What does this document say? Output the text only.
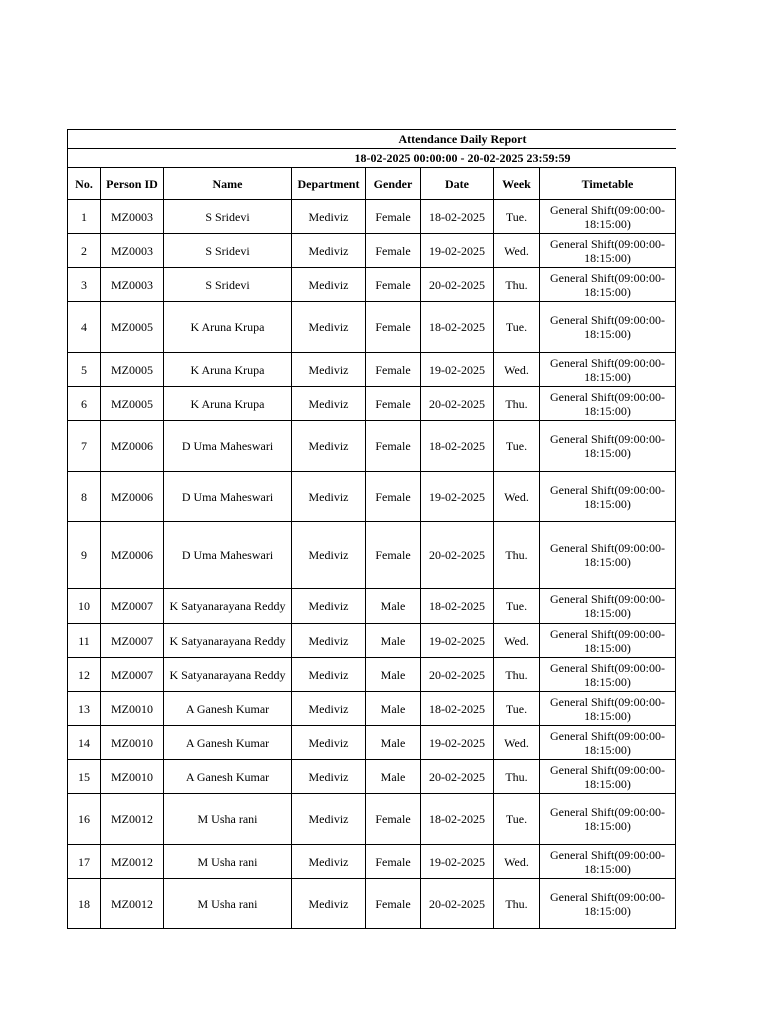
Attendance Daily Report								
18-02-2025 00:00:00 - 20-02-2025 23:59:59								
No.	Person ID	Name	Department	Gender	Date	Week	Timetable	
1	MZ0003	S Sridevi	Mediviz	Female	18-02-2025	Tue.	General Shift(09:00:00-
18:15:00)	

2	MZ0003	S Sridevi	Mediviz	Female	19-02-2025	Wed.	General Shift(09:00:00-
18:15:00)	

3	MZ0003	S Sridevi	Mediviz	Female	20-02-2025	Thu.	General Shift(09:00:00-
18:15:00)	

4	MZ0005	K Aruna Krupa	Mediviz	Female	18-02-2025	Tue.	General Shift(09:00:00-
18:15:00)	

5	MZ0005	K Aruna Krupa	Mediviz	Female	19-02-2025	Wed.	General Shift(09:00:00-
18:15:00)	

6	MZ0005	K Aruna Krupa	Mediviz	Female	20-02-2025	Thu.	General Shift(09:00:00-
18:15:00)	

7	MZ0006	D Uma Maheswari	Mediviz	Female	18-02-2025	Tue.	General Shift(09:00:00-
18:15:00)	

8	MZ0006	D Uma Maheswari	Mediviz	Female	19-02-2025	Wed.	General Shift(09:00:00-
18:15:00)	

9	MZ0006	D Uma Maheswari	Mediviz	Female	20-02-2025	Thu.	General Shift(09:00:00-
18:15:00)	

10	MZ0007	K Satyanarayana Reddy	Mediviz	Male	18-02-2025	Tue.	General Shift(09:00:00-
18:15:00)	

11	MZ0007	K Satyanarayana Reddy	Mediviz	Male	19-02-2025	Wed.	General Shift(09:00:00-
18:15:00)	

12	MZ0007	K Satyanarayana Reddy	Mediviz	Male	20-02-2025	Thu.	General Shift(09:00:00-
18:15:00)	

13	MZ0010	A Ganesh Kumar	Mediviz	Male	18-02-2025	Tue.	General Shift(09:00:00-
18:15:00)	

14	MZ0010	A Ganesh Kumar	Mediviz	Male	19-02-2025	Wed.	General Shift(09:00:00-
18:15:00)	

15	MZ0010	A Ganesh Kumar	Mediviz	Male	20-02-2025	Thu.	General Shift(09:00:00-
18:15:00)	

16	MZ0012	M Usha rani	Mediviz	Female	18-02-2025	Tue.	General Shift(09:00:00-
18:15:00)	

17	MZ0012	M Usha rani	Mediviz	Female	19-02-2025	Wed.	General Shift(09:00:00-
18:15:00)	

18	MZ0012	M Usha rani	Mediviz	Female	20-02-2025	Thu.	General Shift(09:00:00-
18:15:00)	
